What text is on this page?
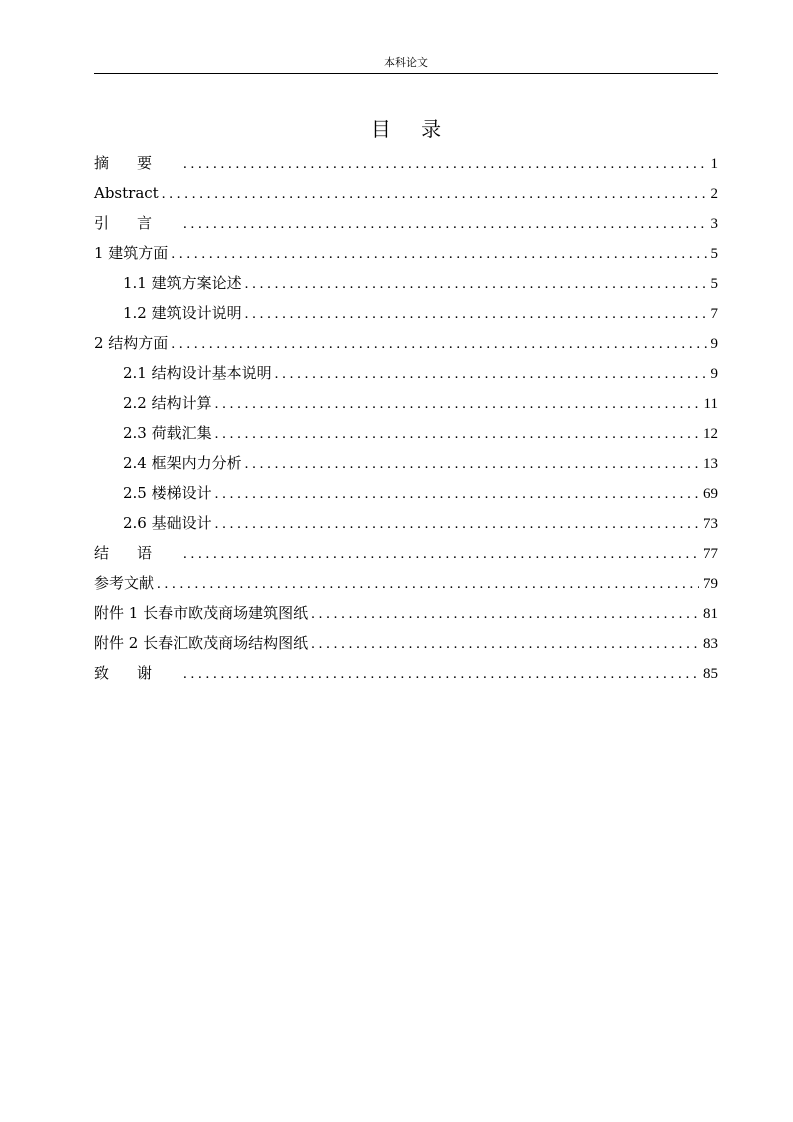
本科论文
目 录
摘要 . . .	1
Abstract . . .	2
引言 . . .	3
1 建筑方面 . . .	5
1.1 建筑方案论述 . . .	5
1.2 建筑设计说明 . . .	7
2 结构方面 . . .	9
2.1 结构设计基本说明 . . .	9
2.2 结构计算 . . .	11
2.3 荷载汇集 . . .	12
2.4 框架内力分析 . . .	13
2.5 楼梯设计 . . .	69
2.6 基础设计 . . .	73
结语 . . .	77
参考文献 . . .	79
附件 1 长春市欧茂商场建筑图纸 . . .	81
附件 2 长春汇欧茂商场结构图纸 . . .	83
致谢 . . .	85
